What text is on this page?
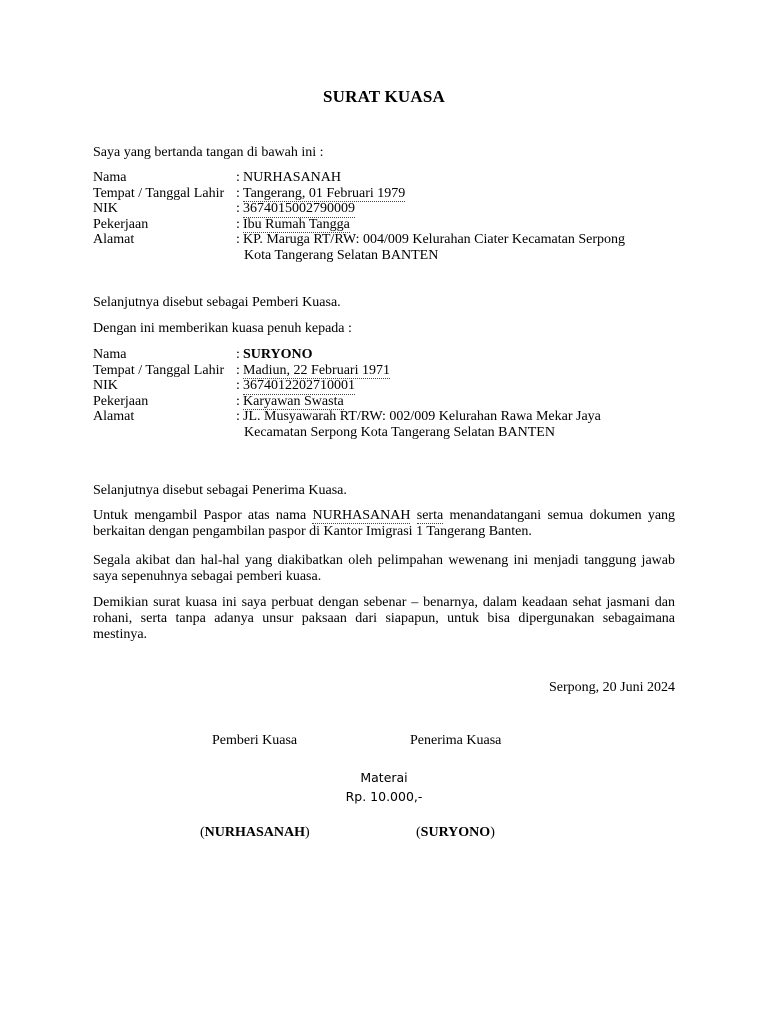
SURAT KUASA
Saya yang bertanda tangan di bawah ini :
Nama	: NURHASANAH
Tempat / Tanggal Lahir : Tangerang, 01 Februari 1979
NIK	: 3674015002790009
Pekerjaan	: Ibu Rumah Tangga
Alamat	: KP. Maruga RT/RW: 004/009 Kelurahan Ciater Kecamatan Serpong
Kota Tangerang Selatan BANTEN
Selanjutnya disebut sebagai Pemberi Kuasa.
Dengan ini memberikan kuasa penuh kepada :
Nama	: SURYONO
Tempat / Tanggal Lahir : Madiun, 22 Februari 1971
NIK	: 3674012202710001
Pekerjaan	: Karyawan Swasta
Alamat	: JL. Musyawarah RT/RW: 002/009 Kelurahan Rawa Mekar Jaya
Kecamatan Serpong Kota Tangerang Selatan BANTEN
Selanjutnya disebut sebagai Penerima Kuasa.
Untuk mengambil Paspor atas nama NURHASANAH serta menandatangani semua dokumen yang berkaitan dengan pengambilan paspor di Kantor Imigrasi 1 Tangerang Banten.
Segala akibat dan hal-hal yang diakibatkan oleh pelimpahan wewenang ini menjadi tanggung jawab saya sepenuhnya sebagai pemberi kuasa.
Demikian surat kuasa ini saya perbuat dengan sebenar – benarnya, dalam keadaan sehat jasmani dan rohani, serta tanpa adanya unsur paksaan dari siapapun, untuk bisa dipergunakan sebagaimana mestinya.
Serpong, 20 Juni 2024
Pemberi Kuasa	Penerima Kuasa
Materai
Rp. 10.000,-
(NURHASANAH)	(SURYONO)
